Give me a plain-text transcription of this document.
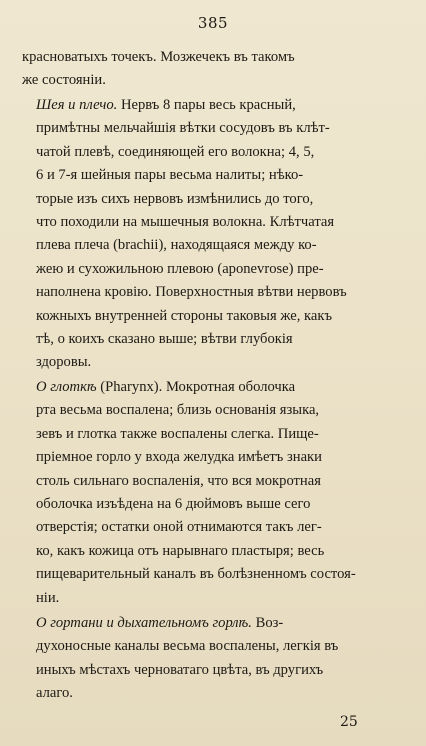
385

красноватыхъ точекъ. Мозжечекъ въ такомъ
же состояніи.

Шея и плечо. Нервъ 8 пары весь красный,
примѣтны мельчайшія вѣтки сосудовъ въ клѣт-
чатой плевѣ, соединяющей его волокна; 4, 5,
6 и 7-я шейныя пары весьма налиты; нѣко-
торые изъ сихъ нервовъ измѣнились до того,
что походили на мышечныя волокна. Клѣтчатая
плева плеча (brachii), находящаяся между ко-
жею и сухожильною плевою (aponevrose) пре-
наполнена кровію. Поверхностныя вѣтви нервовъ
кожныхъ внутренней стороны таковыя же, какъ
тѣ, о коихъ сказано выше; вѣтви глубокія
здоровы.

О глоткѣ (Pharynx). Мокротная оболочка
рта весьма воспалена; близь основанія языка,
зевъ и глотка также воспалены слегка. Пище-
пріемное горло у входа желудка имѣетъ знаки
столь сильнаго воспаленія, что вся мокротная
оболочка изъѣдена на 6 дюймовъ выше сего
отверстія; остатки оной отнимаются такъ лег-
ко, какъ кожица отъ нарывнаго пластыря; весь
пищеварительный каналъ въ болѣзненномъ состоя-
ніи.

О гортани и дыхательномъ горлѣ. Воз-
духоносные каналы весьма воспалены, легкія въ
иныхъ мѣстахъ черноватаго цвѣта, въ другихъ
алаго.

25
